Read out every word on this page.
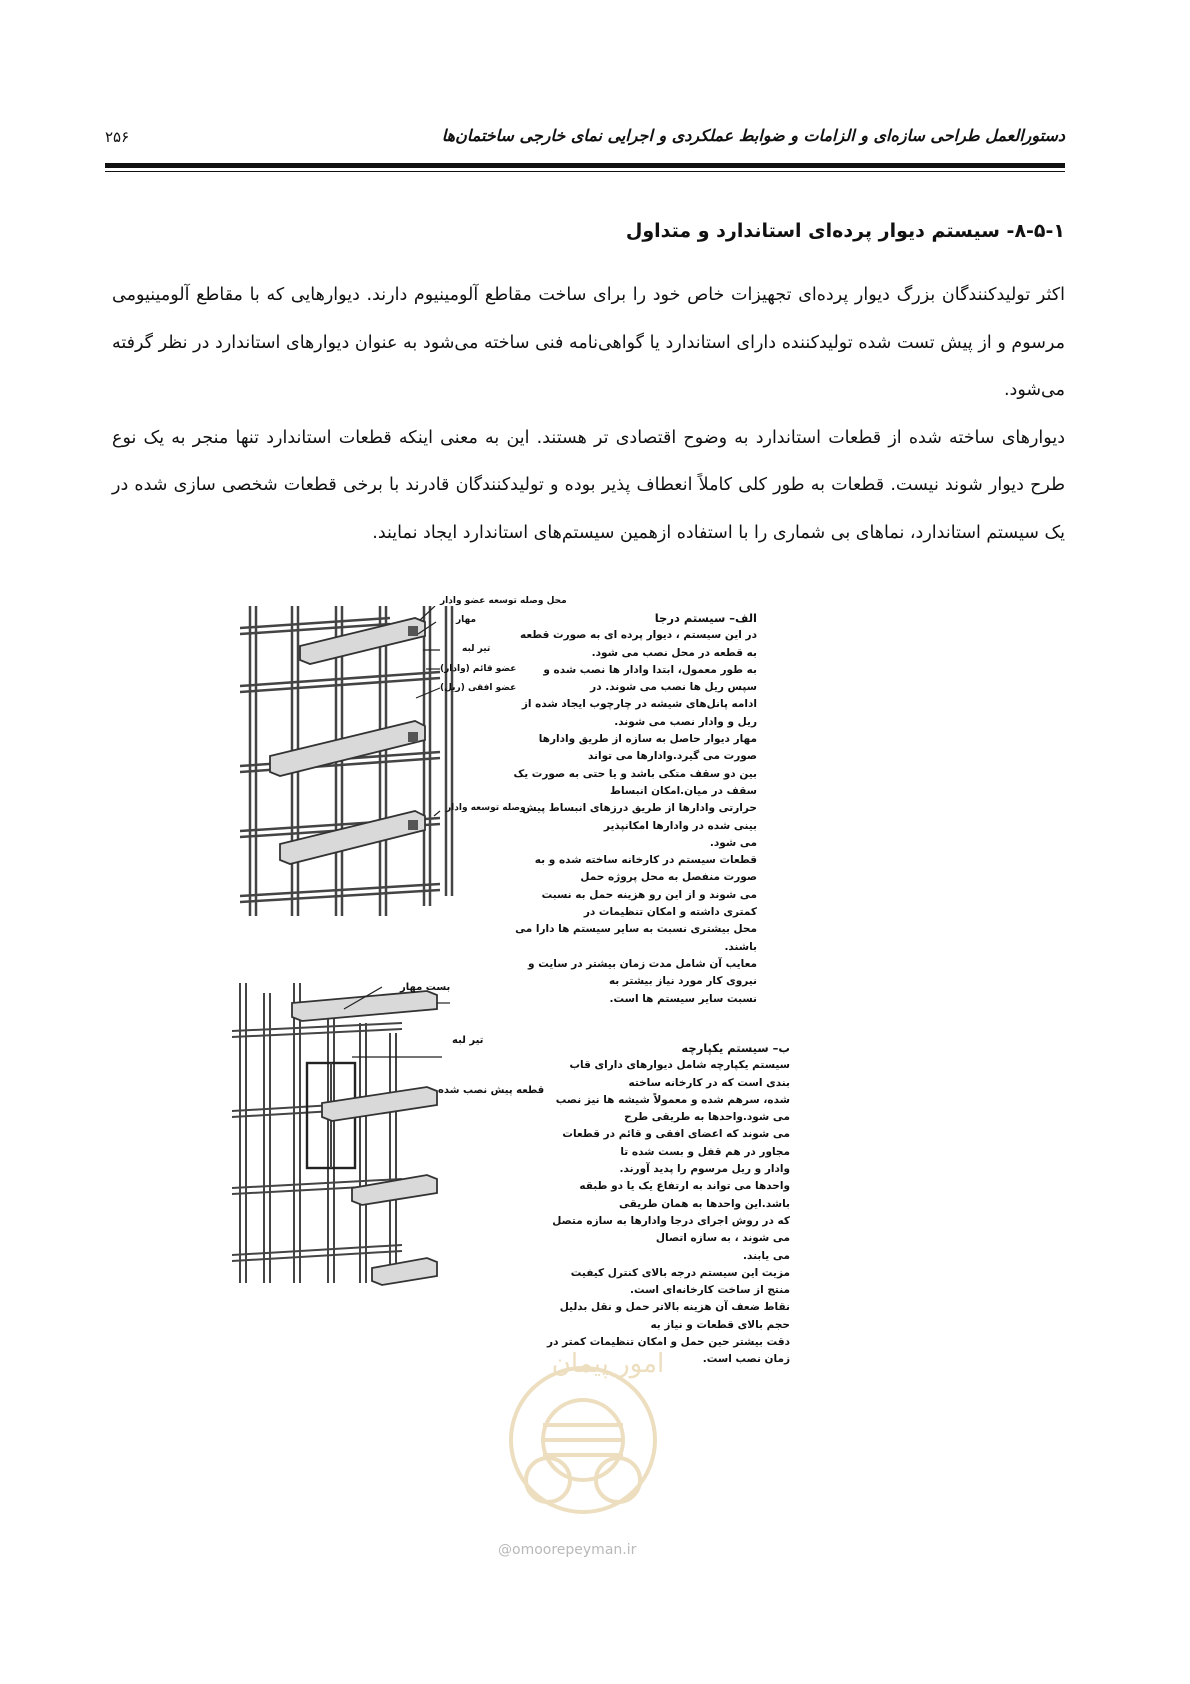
دستورالعمل طراحی سازه‌ای و الزامات و ضوابط عملکردی و اجرایی نمای خارجی ساختمان‌ها
۲۵۶
۸-۵-۱- سیستم دیوار پرده‌ای استاندارد و متداول

اکثر تولیدکنندگان بزرگ دیوار پرده‌ای تجهیزات خاص خود را برای ساخت مقاطع آلومینیوم دارند. دیوارهایی که با مقاطع آلومینیومی مرسوم و از پیش تست شده تولیدکننده دارای استاندارد یا گواهی‌نامه فنی ساخته می‌شود به عنوان دیوارهای استاندارد در نظر گرفته می‌شود.

دیوارهای ساخته شده از قطعات استاندارد به وضوح اقتصادی تر هستند. این به معنی اینکه قطعات استاندارد تنها منجر به یک نوع طرح دیوار شوند نیست. قطعات به طور کلی کاملاً انعطاف پذیر بوده و تولیدکنندگان قادرند با برخی قطعات شخصی سازی شده در یک سیستم استاندارد، نماهای بی شماری را با استفاده ازهمین سیستم‌های استاندارد ایجاد نمایند.

محل وصله توسعه عضو وادار
مهار
تیر لبه
عضو قائم (وادار)
عضو افقی (ریل)
وصله توسعه وادار
الف– سیستم درجا
در این سیستم ، دیوار پرده ای به صورت قطعه به قطعه در محل نصب می شود.
به طور معمول، ابتدا وادار ها نصب شده و سپس ریل ها نصب می شوند. در
ادامه پانل‌های شیشه در چارچوب ایجاد شده از ریل و وادار نصب می شوند.
مهار دیوار حاصل به سازه از طریق وادارها صورت می گیرد.وادارها می تواند
بین دو سقف متکی باشد و یا حتی به صورت یک سقف در میان.امکان انبساط
حرارتی وادارها از طریق درزهای انبساط پیش بینی شده در وادارها امکانپذیر
می شود.
قطعات سیستم در کارخانه ساخته شده و به صورت منفصل به محل پروژه حمل
می شوند و از این رو هزینه حمل به نسبت کمتری داشته و امکان تنظیمات در
محل بیشتری نسبت به سایر سیستم ها دارا می باشند.
معایب آن شامل مدت زمان بیشتر در سایت و نیروی کار مورد نیاز بیشتر به
نسبت سایر سیستم ها است.
بست مهار
تیر لبه
قطعه پیش نصب شده
ب– سیستم یکپارچه
سیستم یکپارچه شامل دیوارهای دارای قاب بندی است که در کارخانه ساخته
شده، سرهم شده و معمولاً شیشه ها نیز نصب می شود.واحدها به طریقی طرح
می شوند که اعضای افقی و قائم در قطعات مجاور در هم قفل و بست شده تا
وادار و ریل مرسوم را پدید آورند.
واحدها می تواند به ارتفاع یک یا دو طبقه باشد.این واحدها به همان طریقی
که در روش اجرای درجا وادارها به سازه متصل می شوند ، به سازه اتصال
می یابند.
مزیت این سیستم درجه بالای کنترل کیفیت منتج از ساخت کارخانه‌ای است.
نقاط ضعف آن هزینه بالاتر حمل و نقل بدلیل حجم بالای قطعات و نیاز به
دقت بیشتر حین حمل و امکان تنظیمات کمتر در زمان نصب است.
امور پیمان
@omoorepeyman.ir
